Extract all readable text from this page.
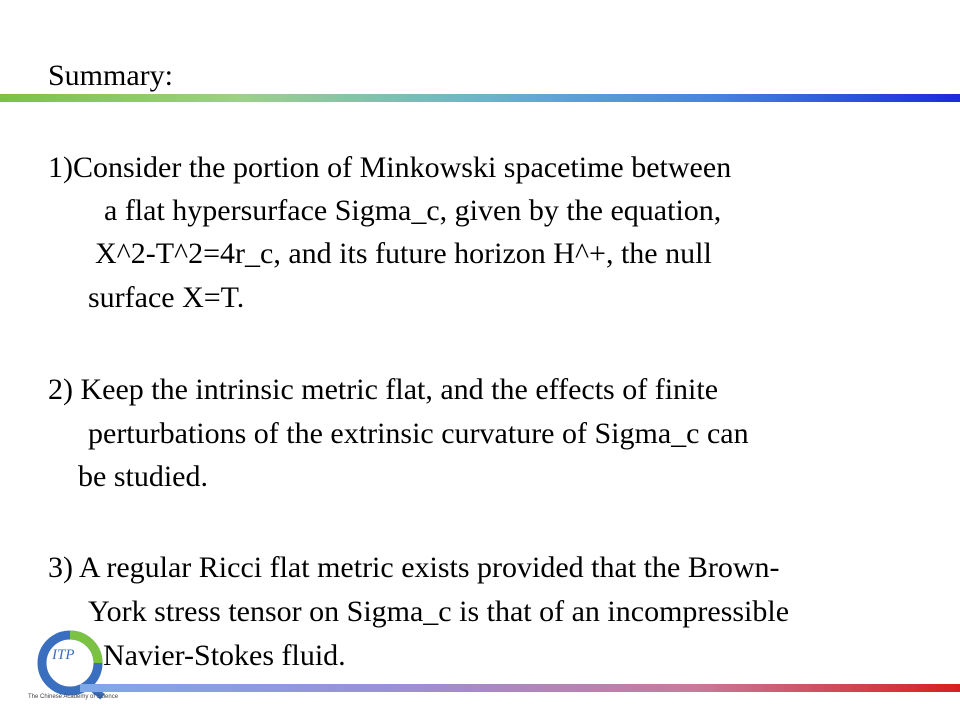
Summary:
1)Consider the portion of Minkowski spacetime between
a flat hypersurface Sigma_c, given by the equation,
X^2-T^2=4r_c, and its future horizon H^+, the null
surface X=T.
2) Keep the intrinsic metric flat, and the effects of finite
perturbations of the extrinsic curvature of Sigma_c can
be studied.
3) A regular Ricci flat metric exists provided that the Brown-
York stress tensor on Sigma_c is that of an incompressible
Navier-Stokes fluid.
ITP
The Chinese Academy of Science
